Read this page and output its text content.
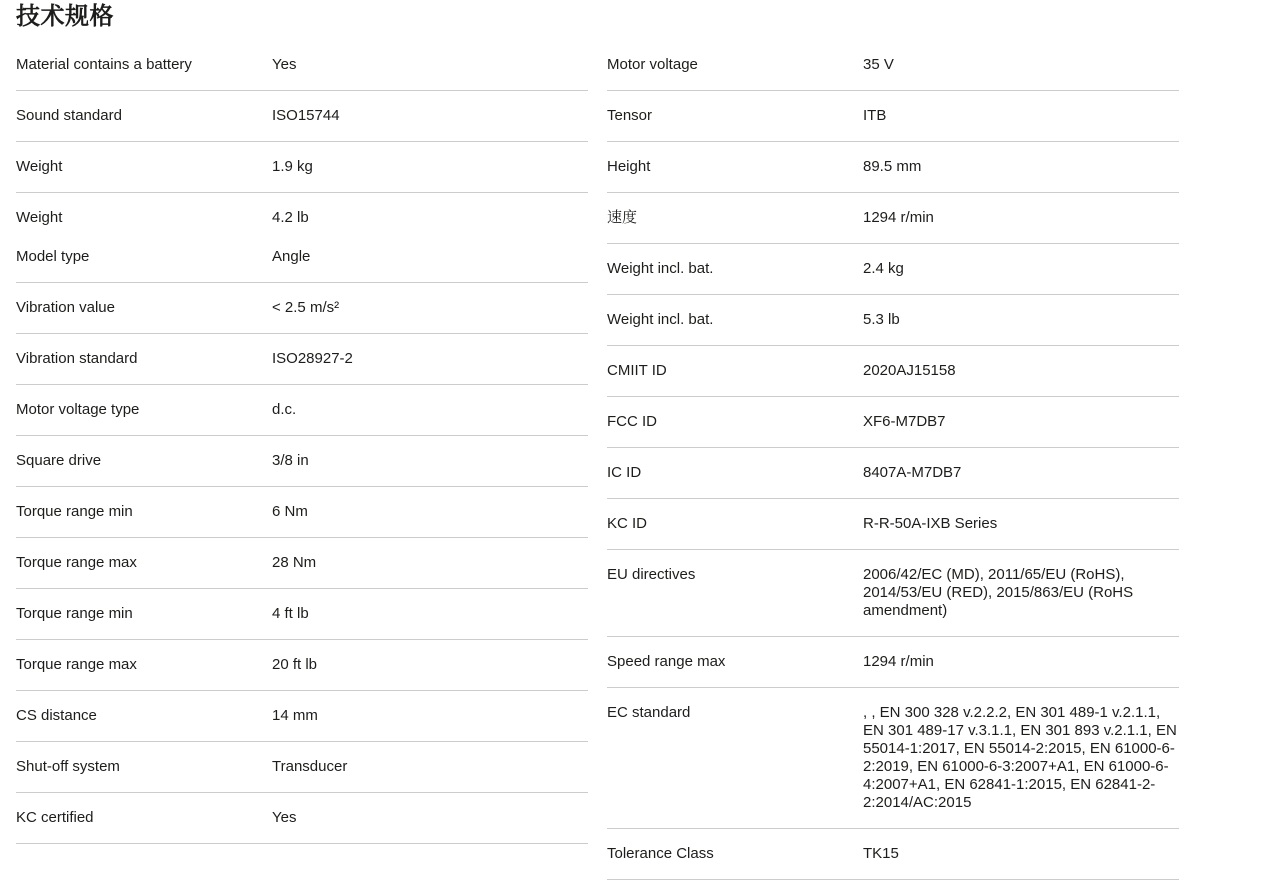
技术规格
Material contains a battery	Yes
Sound standard	ISO15744
Weight	1.9 kg
Weight	4.2 lb
Model type	Angle
Vibration value	< 2.5 m/s²
Vibration standard	ISO28927-2
Motor voltage type	d.c.
Square drive	3/8 in
Torque range min	6 Nm
Torque range max	28 Nm
Torque range min	4 ft lb
Torque range max	20 ft lb
CS distance	14 mm
Shut-off system	Transducer
KC certified	Yes
Motor voltage	35 V
Tensor	ITB
Height	89.5 mm
速度	1294 r/min
Weight incl. bat.	2.4 kg
Weight incl. bat.	5.3 lb
CMIIT ID	2020AJ15158
FCC ID	XF6-M7DB7
IC ID	8407A-M7DB7
KC ID	R-R-50A-IXB Series
EU directives	2006/42/EC (MD), 2011/65/EU (RoHS), 2014/53/EU (RED), 2015/863/EU (RoHS amendment)
Speed range max	1294 r/min
EC standard	, , EN 300 328 v.2.2.2, EN 301 489-1 v.2.1.1, EN 301 489-17 v.3.1.1, EN 301 893 v.2.1.1, EN 55014-1:2017, EN 55014-2:2015, EN 61000-6-2:2019, EN 61000-6-3:2007+A1, EN 61000-6-4:2007+A1, EN 62841-1:2015, EN 62841-2-2:2014/AC:2015
Tolerance Class	TK15
